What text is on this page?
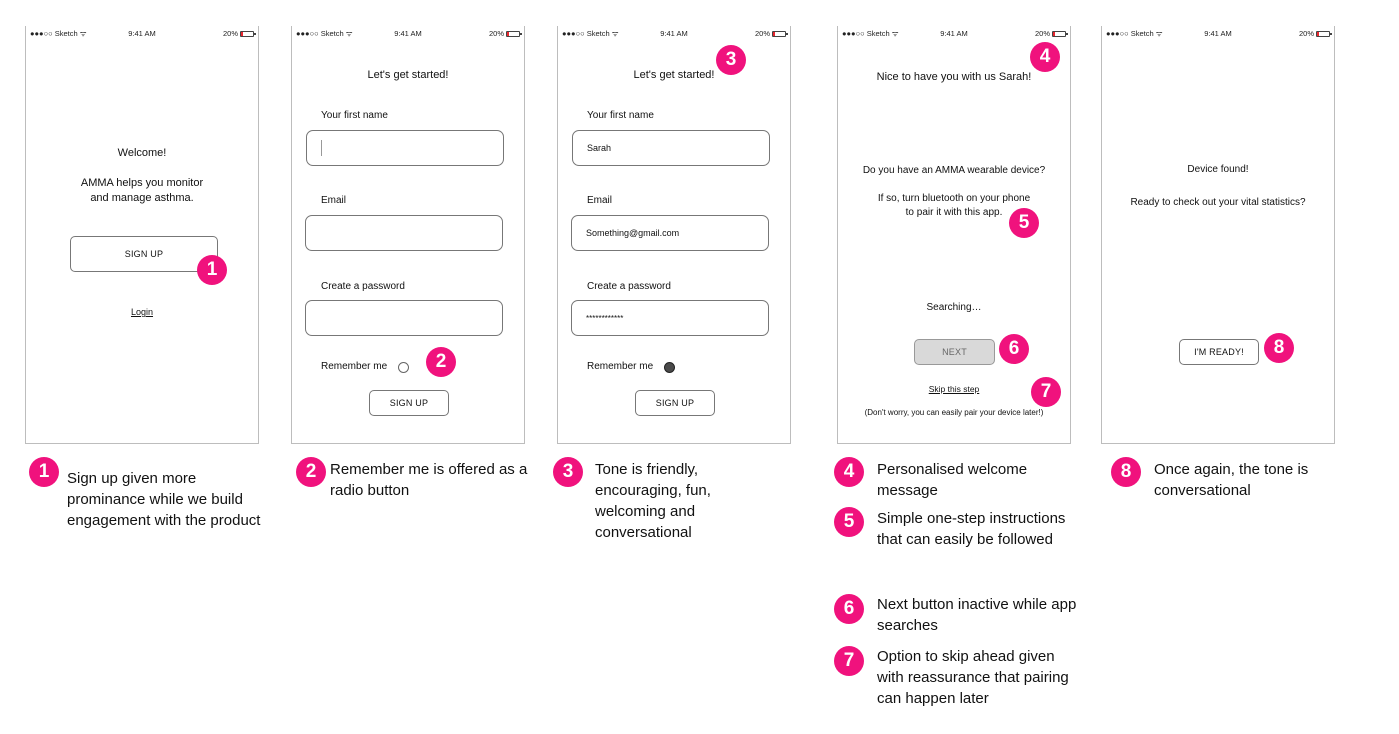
●●●○○ Sketch ᯤ	9:41 AM	20%
Welcome!
AMMA helps you monitor
and manage asthma.
SIGN UP
Login
●●●○○ Sketch ᯤ	9:41 AM	20%
Let's get started!
Your first name
Email
Create a password
Remember me
SIGN UP
●●●○○ Sketch ᯤ	9:41 AM	20%
Let's get started!
Your first name
Sarah
Email
Something@gmail.com
Create a password
************
Remember me
SIGN UP
●●●○○ Sketch ᯤ	9:41 AM	20%
Nice to have you with us Sarah!
Do you have an AMMA wearable device?
If so, turn bluetooth on your phone
to pair it with this app.
Searching…
NEXT
Skip this step
(Don't worry, you can easily pair your device later!)
●●●○○ Sketch ᯤ	9:41 AM	20%
Device found!
Ready to check out your vital statistics?
I'M READY!
1
2
3	4
5
6
7
8
1	Sign up given more prominance while we build engagement with the product
2 Remember me is offered as a radio button
3	Tone is friendly, encouraging, fun, welcoming and conversational
4	Personalised welcome message
5	Simple one-step instructions that can easily be followed
6	Next button inactive while app searches
7	Option to skip ahead given with reassurance that pairing can happen later
8	Once again, the tone is conversational
